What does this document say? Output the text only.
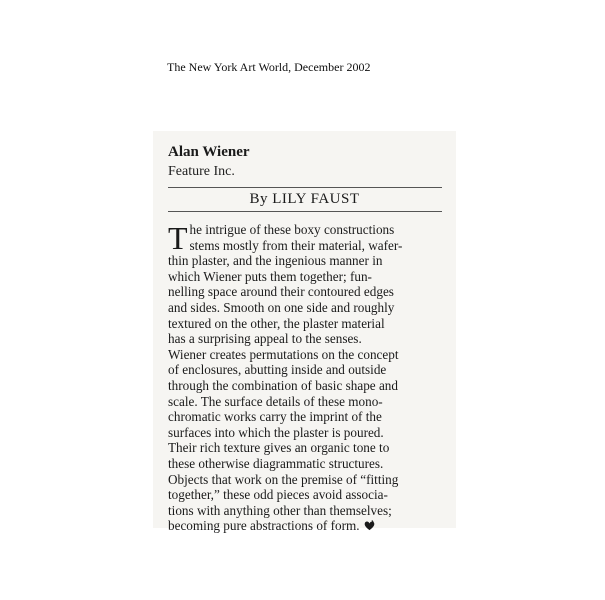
The New York Art World, December 2002
Alan Wiener
Feature Inc.
By LILY FAUST
T he intrigue of these boxy constructions
stems mostly from their material, wafer-
thin plaster, and the ingenious manner in
which Wiener puts them together; fun-
nelling space around their contoured edges
and sides. Smooth on one side and roughly
textured on the other, the plaster material
has a surprising appeal to the senses.
Wiener creates permutations on the concept
of enclosures, abutting inside and outside
through the combination of basic shape and
scale. The surface details of these mono-
chromatic works carry the imprint of the
surfaces into which the plaster is poured.
Their rich texture gives an organic tone to
these otherwise diagrammatic structures.
Objects that work on the premise of “fitting
together,” these odd pieces avoid associa-
tions with anything other than themselves;
becoming pure abstractions of form.
